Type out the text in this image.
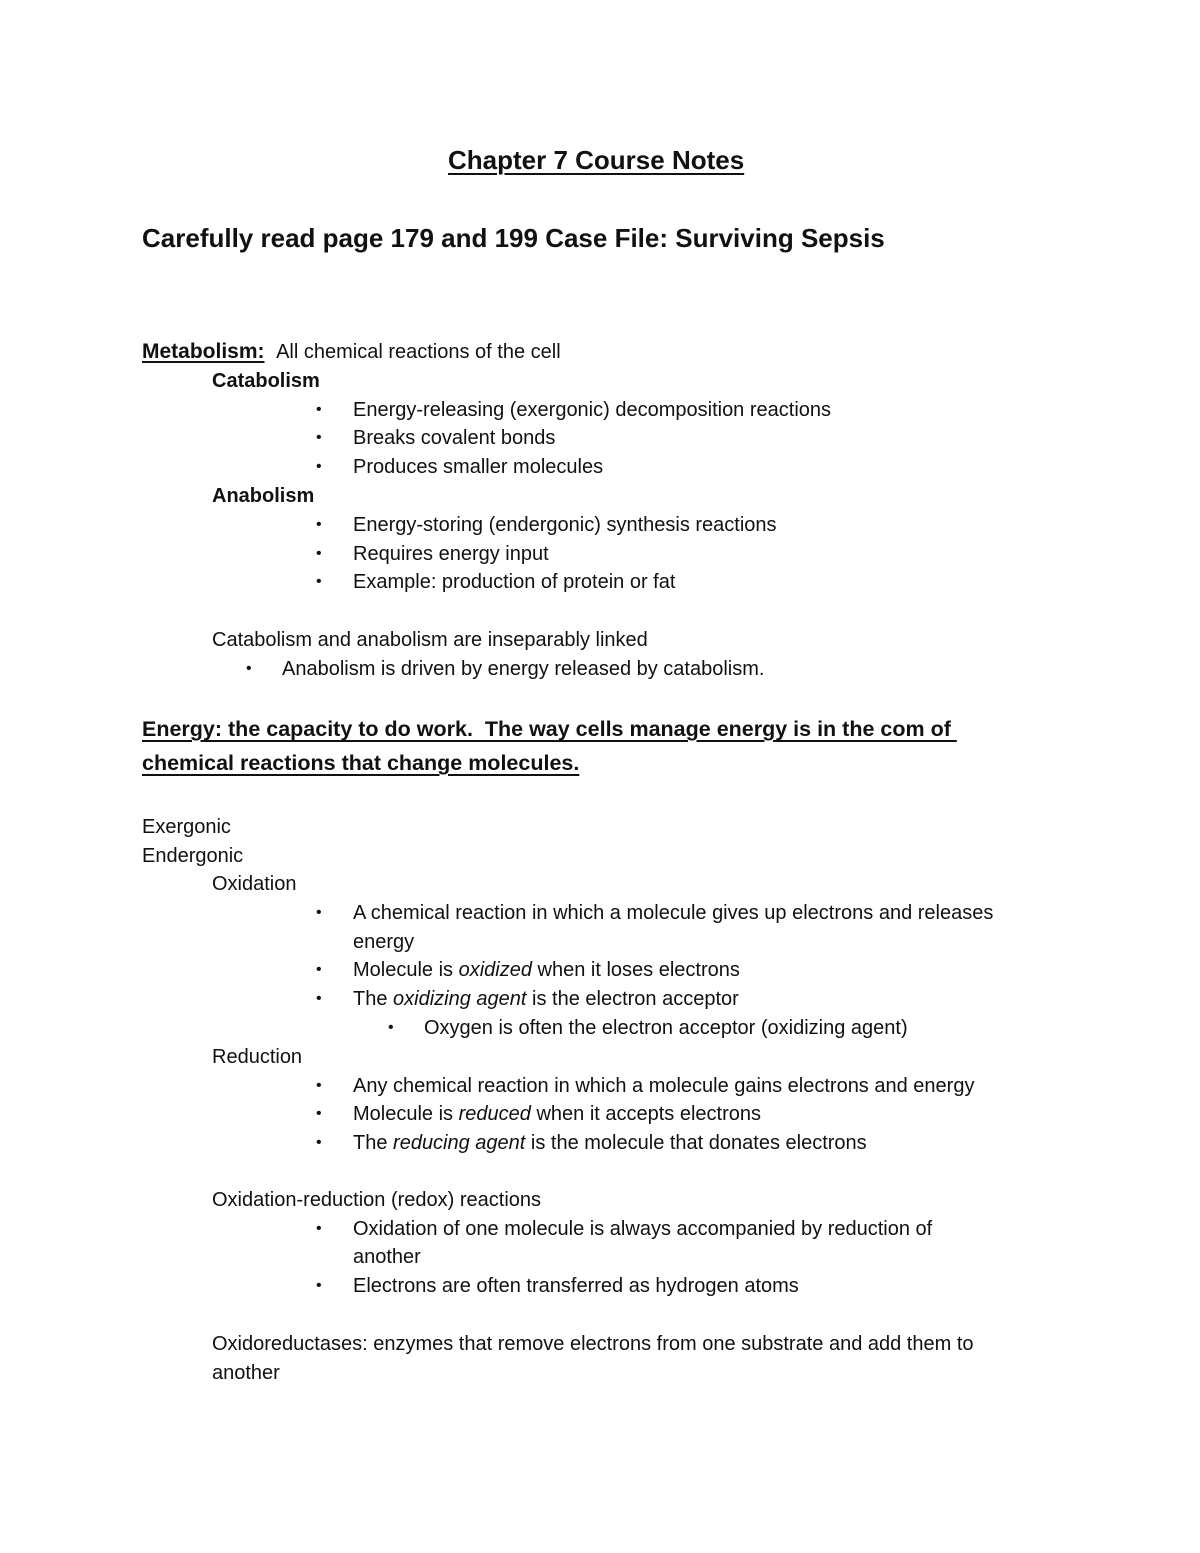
Chapter 7 Course Notes
Carefully read page 179 and 199 Case File: Surviving Sepsis
Metabolism: All chemical reactions of the cell
Catabolism
• Energy-releasing (exergonic) decomposition reactions
• Breaks covalent bonds
• Produces smaller molecules
Anabolism
• Energy-storing (endergonic) synthesis reactions
• Requires energy input
• Example: production of protein or fat
Catabolism and anabolism are inseparably linked
• Anabolism is driven by energy released by catabolism.
Energy: the capacity to do work.  The way cells manage energy is in the com of
chemical reactions that change molecules.
Exergonic
Endergonic
Oxidation
• A chemical reaction in which a molecule gives up electrons and releases
energy
• Molecule is oxidized when it loses electrons
• The oxidizing agent is the electron acceptor
• Oxygen is often the electron acceptor (oxidizing agent)
Reduction
• Any chemical reaction in which a molecule gains electrons and energy
• Molecule is reduced when it accepts electrons
• The reducing agent is the molecule that donates electrons
Oxidation-reduction (redox) reactions
• Oxidation of one molecule is always accompanied by reduction of
another
• Electrons are often transferred as hydrogen atoms
Oxidoreductases: enzymes that remove electrons from one substrate and add them to
another
